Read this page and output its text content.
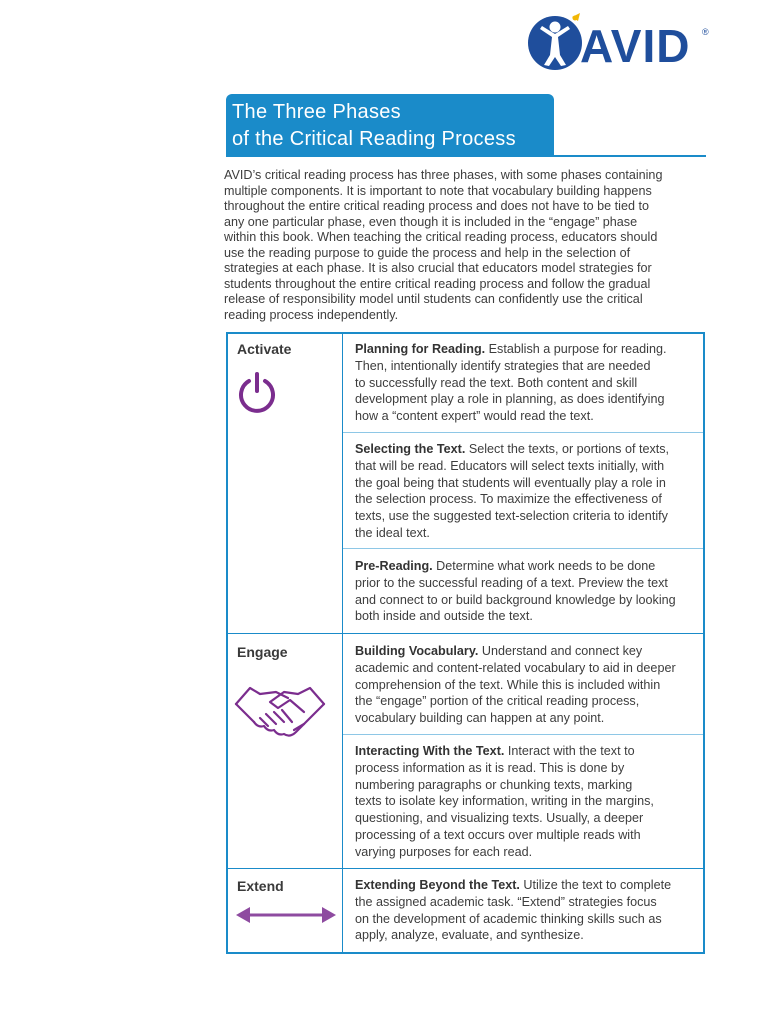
AVID ®
The Three Phases
of the Critical Reading Process
AVID’s critical reading process has three phases, with some phases containing
multiple components. It is important to note that vocabulary building happens
throughout the entire critical reading process and does not have to be tied to
any one particular phase, even though it is included in the “engage” phase
within this book. When teaching the critical reading process, educators should
use the reading purpose to guide the process and help in the selection of
strategies at each phase. It is also crucial that educators model strategies for
students throughout the entire critical reading process and follow the gradual
release of responsibility model until students can confidently use the critical
reading process independently.
Activate
Engage
Extend
Planning for Reading. Establish a purpose for reading.
Then, intentionally identify strategies that are needed
to successfully read the text. Both content and skill
development play a role in planning, as does identifying
how a “content expert” would read the text.
Selecting the Text. Select the texts, or portions of texts,
that will be read. Educators will select texts initially, with
the goal being that students will eventually play a role in
the selection process. To maximize the effectiveness of
texts, use the suggested text-selection criteria to identify
the ideal text.
Pre-Reading. Determine what work needs to be done
prior to the successful reading of a text. Preview the text
and connect to or build background knowledge by looking
both inside and outside the text.
Building Vocabulary. Understand and connect key
academic and content-related vocabulary to aid in deeper
comprehension of the text. While this is included within
the “engage” portion of the critical reading process,
vocabulary building can happen at any point.
Interacting With the Text. Interact with the text to
process information as it is read. This is done by
numbering paragraphs or chunking texts, marking
texts to isolate key information, writing in the margins,
questioning, and visualizing texts. Usually, a deeper
processing of a text occurs over multiple reads with
varying purposes for each read.
Extending Beyond the Text. Utilize the text to complete
the assigned academic task. “Extend” strategies focus
on the development of academic thinking skills such as
apply, analyze, evaluate, and synthesize.
